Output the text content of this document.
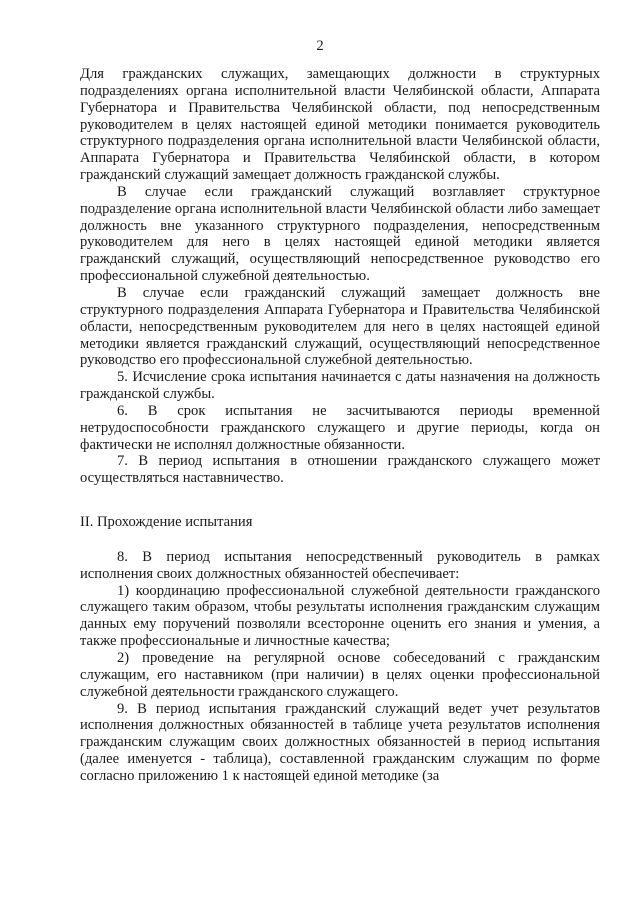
2

Для гражданских служащих, замещающих должности в структурных подразделениях органа исполнительной власти Челябинской области, Аппарата Губернатора и Правительства Челябинской области, под непосредственным руководителем в целях настоящей единой методики понимается руководитель структурного подразделения органа исполнительной власти Челябинской области, Аппарата Губернатора и Правительства Челябинской области, в котором гражданский служащий замещает должность гражданской службы.

В случае если гражданский служащий возглавляет структурное подразделение органа исполнительной власти Челябинской области либо замещает должность вне указанного структурного подразделения, непосредственным руководителем для него в целях настоящей единой методики является гражданский служащий, осуществляющий непосредственное руководство его профессиональной служебной деятельностью.

В случае если гражданский служащий замещает должность вне структурного подразделения Аппарата Губернатора и Правительства Челябинской области, непосредственным руководителем для него в целях настоящей единой методики является гражданский служащий, осуществляющий непосредственное руководство его профессиональной служебной деятельностью.

5. Исчисление срока испытания начинается с даты назначения на должность гражданской службы.

6. В срок испытания не засчитываются периоды временной нетрудоспособности гражданского служащего и другие периоды, когда он фактически не исполнял должностные обязанности.

7. В период испытания в отношении гражданского служащего может осуществляться наставничество.

II. Прохождение испытания

8. В период испытания непосредственный руководитель в рамках исполнения своих должностных обязанностей обеспечивает:

1) координацию профессиональной служебной деятельности гражданского служащего таким образом, чтобы результаты исполнения гражданским служащим данных ему поручений позволяли всесторонне оценить его знания и умения, а также профессиональные и личностные качества;

2) проведение на регулярной основе собеседований с гражданским служащим, его наставником (при наличии) в целях оценки профессиональной служебной деятельности гражданского служащего.

9. В период испытания гражданский служащий ведет учет результатов исполнения должностных обязанностей в таблице учета результатов исполнения гражданским служащим своих должностных обязанностей в период испытания (далее именуется - таблица), составленной гражданским служащим по форме согласно приложению 1 к настоящей единой методике (за
